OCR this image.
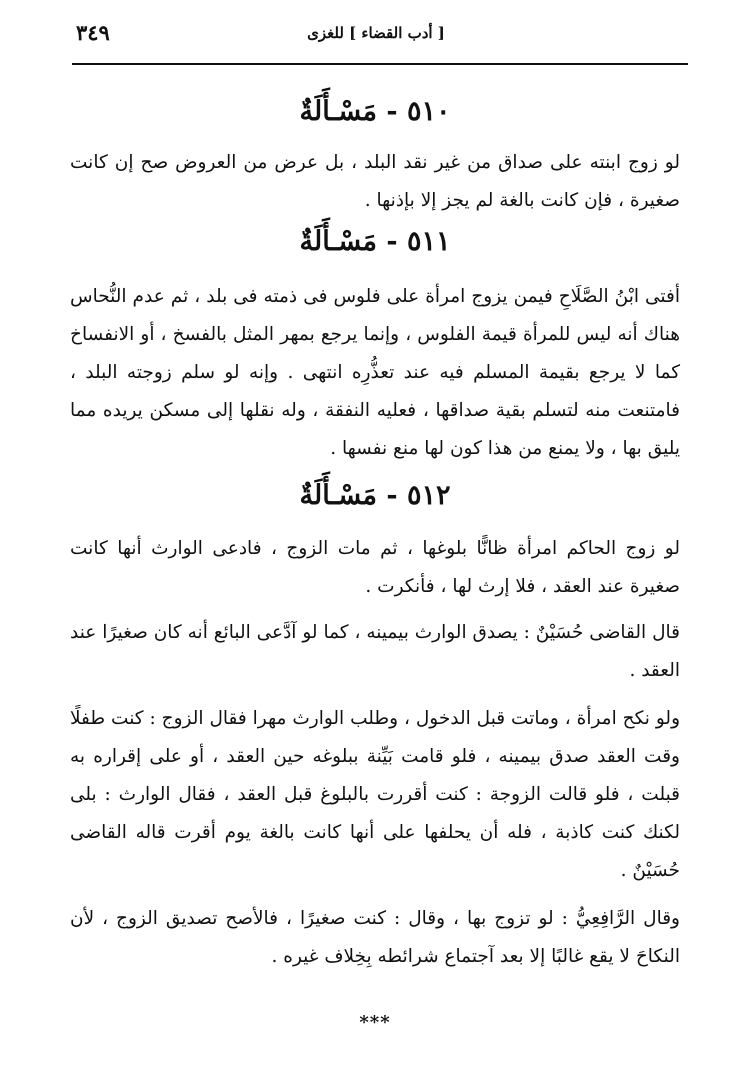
٣٤٩	[ أدب القضاء ] للغزى
٥١٠ - مَسْـأَلَةٌ

لو زوج ابنته على صداق من غير نقد البلد ، بل عرض من العروض صح إن كانت صغيرة ، فإن كانت بالغة لم يجز إلا بإذنها .

٥١١ - مَسْـأَلَةٌ

أفتى ابْنُ الصَّلَاحِ فيمن يزوج امرأة على فلوس فى ذمته فى بلد ، ثم عدم النُّحاس هناك أنه ليس للمرأة قيمة الفلوس ، وإنما يرجع بمهر المثل بالفسخ ، أو الانفساخ كما لا يرجع بقيمة المسلم فيه عند تعذُّرِه انتهى . وإنه لو سلم زوجته البلد ، فامتنعت منه لتسلم بقية صداقها ، فعليه النفقة ، وله نقلها إلى مسكن يريده مما يليق بها ، ولا يمنع من هذا كون لها منع نفسها .

٥١٢ - مَسْـأَلَةٌ

لو زوج الحاكم امرأة ظانًّا بلوغها ، ثم مات الزوج ، فادعى الوارث أنها كانت صغيرة عند العقد ، فلا إرث لها ، فأنكرت .

قال القاضى حُسَيْنٌ : يصدق الوارث بيمينه ، كما لو آدَّعى البائع أنه كان صغيرًا عند العقد .

ولو نكح امرأة ، وماتت قبل الدخول ، وطلب الوارث مهرا فقال الزوج : كنت طفلًا وقت العقد صدق بيمينه ، فلو قامت بَيِّنة ببلوغه حين العقد ، أو على إقراره به قبلت ، فلو قالت الزوجة : كنت أقررت بالبلوغ قبل العقد ، فقال الوارث : بلى لكنك كنت كاذبة ، فله أن يحلفها على أنها كانت بالغة يوم أقرت قاله القاضى حُسَيْنٌ .

وقال الرَّافِعِيُّ : لو تزوج بها ، وقال : كنت صغيرًا ، فالأصح تصديق الزوج ، لأن النكاحَ لا يقع غالبًا إلا بعد آجتماع شرائطه بِخِلاف غيره .

***
